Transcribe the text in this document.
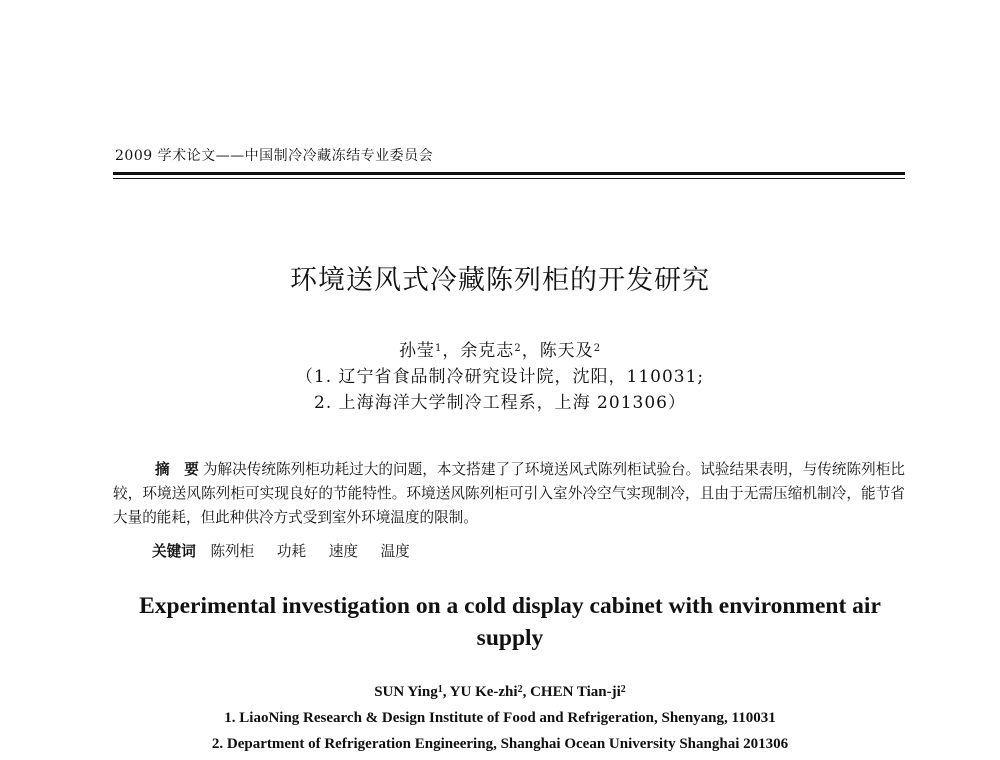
2009 学术论文——中国制冷冷藏冻结专业委员会
环境送风式冷藏陈列柜的开发研究
孙莹$^1$，余克志$^2$，陈天及$^2$
（1. 辽宁省食品制冷研究设计院，沈阳，110031;
2. 上海海洋大学制冷工程系，上海 201306）

摘　要 为解决传统陈列柜功耗过大的问题，本文搭建了了环境送风式陈列柜试验台。试验结果表明，与传统陈列柜比较，环境送风陈列柜可实现良好的节能特性。环境送风陈列柜可引入室外冷空气实现制冷，且由于无需压缩机制冷，能节省大量的能耗，但此种供冷方式受到室外环境温度的限制。

关键词 陈列柜 功耗 速度 温度
Experimental investigation on a cold display cabinet with environment air supply
SUN Ying$^1$, YU Ke-zhi$^2$, CHEN Tian-$ji^2$
1. LiaoNing Research & Design Institute of Food and Refrigeration, Shenyang, 110031
2. Department of Refrigeration Engineering, Shanghai Ocean University Shanghai 201306
